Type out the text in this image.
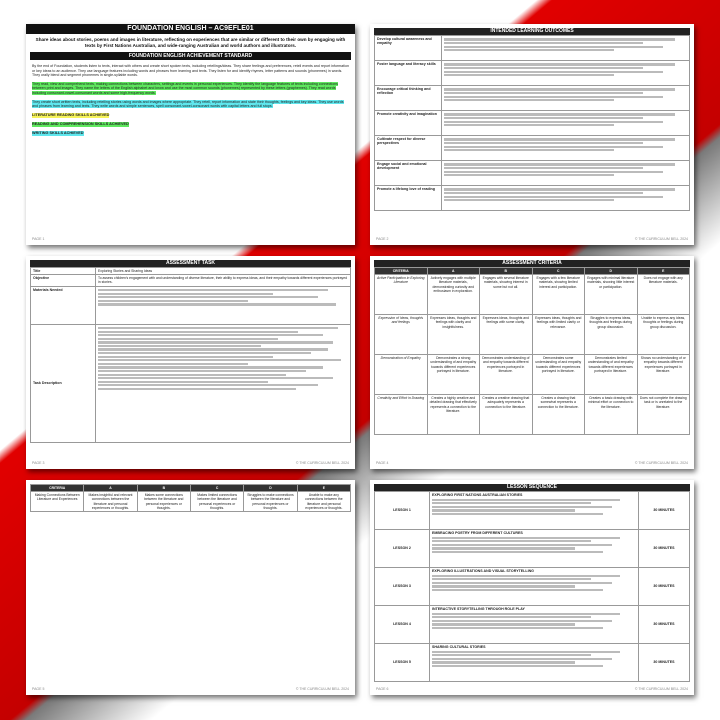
FOUNDATION ENGLISH – AC9EFLE01
Share ideas about stories, poems and images in literature, reflecting on experiences that are similar or different to their own by engaging with texts by First Nations Australian, and wide-ranging Australian and world authors and illustrators.
FOUNDATION ENGLISH ACHIEVEMENT STANDARD
By the end of Foundation, students listen to texts, interact with others and create short spoken texts, including retellings/ideas. They share feelings and preferences, retell events and report information or key ideas to an audience. They use language features including words and phrases from learning and texts. They listen for and identify rhymes, letter patterns and sounds (phonemes) in words. They orally blend and segment phonemes in single-syllable words.
They read, view and comprehend texts, making connections between characters, settings and events in personal experiences. They identify the language features of texts including connections between print and images. They name the letters of the English alphabet and know and use the most common sounds (phonemes) represented by these letters (graphemes). They read words including consonant-vowel-consonant words and some high-frequency words.
They create short written texts, including retelling stories using words and images where appropriate. They retell, report information and state their thoughts, feelings and key ideas. They use words and phrases from learning and texts. They write words and simple sentences, spell consonant-vowel-consonant words with capital letters and full stops.
LITERATURE READING SKILLS ACHIEVED
READING AND COMPREHENSION SKILLS ACHIEVED
WRITING SKILLS ACHIEVED
PAGE 1
INTENDED LEARNING OUTCOMES
Develop cultural awareness and empathy	

Foster language and literacy skills	

Encourage critical thinking and reflection	

Promote creativity and imagination	

Cultivate respect for diverse perspectives	

Engage social and emotional development	

Promote a lifelong love of reading	
PAGE 2	© THE CURRICULUM BELL 2024
ASSESSMENT TASK
Title	Exploring Stories and Sharing Ideas
Objective	To assess children's engagement with and understanding of diverse literature, their ability to express ideas, and their empathy towards different experiences portrayed in stories.
Materials Needed	

Task Description	
PAGE 3	© THE CURRICULUM BELL 2024
ASSESSMENT CRITERIA
CRITERIA	A	B	C	D	E
Active Participation in Exploring Literature	Actively engages with multiple literature materials, demonstrating curiosity and enthusiasm in exploration.	Engages with several literature materials, showing interest in some but not all.	Engages with a few literature materials, showing limited interest and participation.	Engages with minimal literature materials, showing little interest or participation.	Does not engage with any literature materials.
Expression of Ideas, thoughts and feelings	Expresses ideas, thoughts and feelings with clarity and insightfulness.	Expresses ideas, thoughts and feelings with some clarity.	Expresses ideas, thoughts and feelings with limited clarity or relevance.	Struggles to express ideas, thoughts and feelings during group discussion.	Unable to express any ideas, thoughts or feelings during group discussion.
Demonstration of Empathy	Demonstrates a strong understanding of and empathy towards different experiences portrayed in literature.	Demonstrates understanding of and empathy towards different experiences portrayed in literature.	Demonstrates some understanding of and empathy towards different experiences portrayed in literature.	Demonstrates limited understanding of and empathy towards different experiences portrayed in literature.	Shows no understanding of or empathy towards different experiences portrayed in literature.
Creativity and Effort in Drawing	Creates a highly creative and detailed drawing that effectively represents a connection to the literature.	Creates a creative drawing that adequately represents a connection to the literature.	Creates a drawing that somewhat represents a connection to the literature.	Creates a basic drawing with minimal effort or connection to the literature.	Does not complete the drawing task or is unrelated to the literature.
PAGE 4	© THE CURRICULUM BELL 2024
CRITERIA	A	B	C	D	E
Making Connections Between Literature and Experiences	Makes insightful and relevant connections between the literature and personal experiences or thoughts.	Makes some connections between the literature and personal experiences or thoughts.	Makes limited connections between the literature and personal experiences or thoughts.	Struggles to make connections between the literature and personal experiences or thoughts.	Unable to make any connections between the literature and personal experiences or thoughts.
PAGE 5	© THE CURRICULUM BELL 2024
LESSON SEQUENCE
LESSON 1	EXPLORING FIRST NATIONS AUSTRALIAN STORIES	30 MINUTES
LESSON 2	EMBRACING POETRY FROM DIFFERENT CULTURES	30 MINUTES
LESSON 3	EXPLORING ILLUSTRATIONS AND VISUAL STORYTELLING	30 MINUTES
LESSON 4	INTERACTIVE STORYTELLING THROUGH ROLE PLAY	30 MINUTES
LESSON 5	SHARING CULTURAL STORIES	30 MINUTES
PAGE 6	© THE CURRICULUM BELL 2024
